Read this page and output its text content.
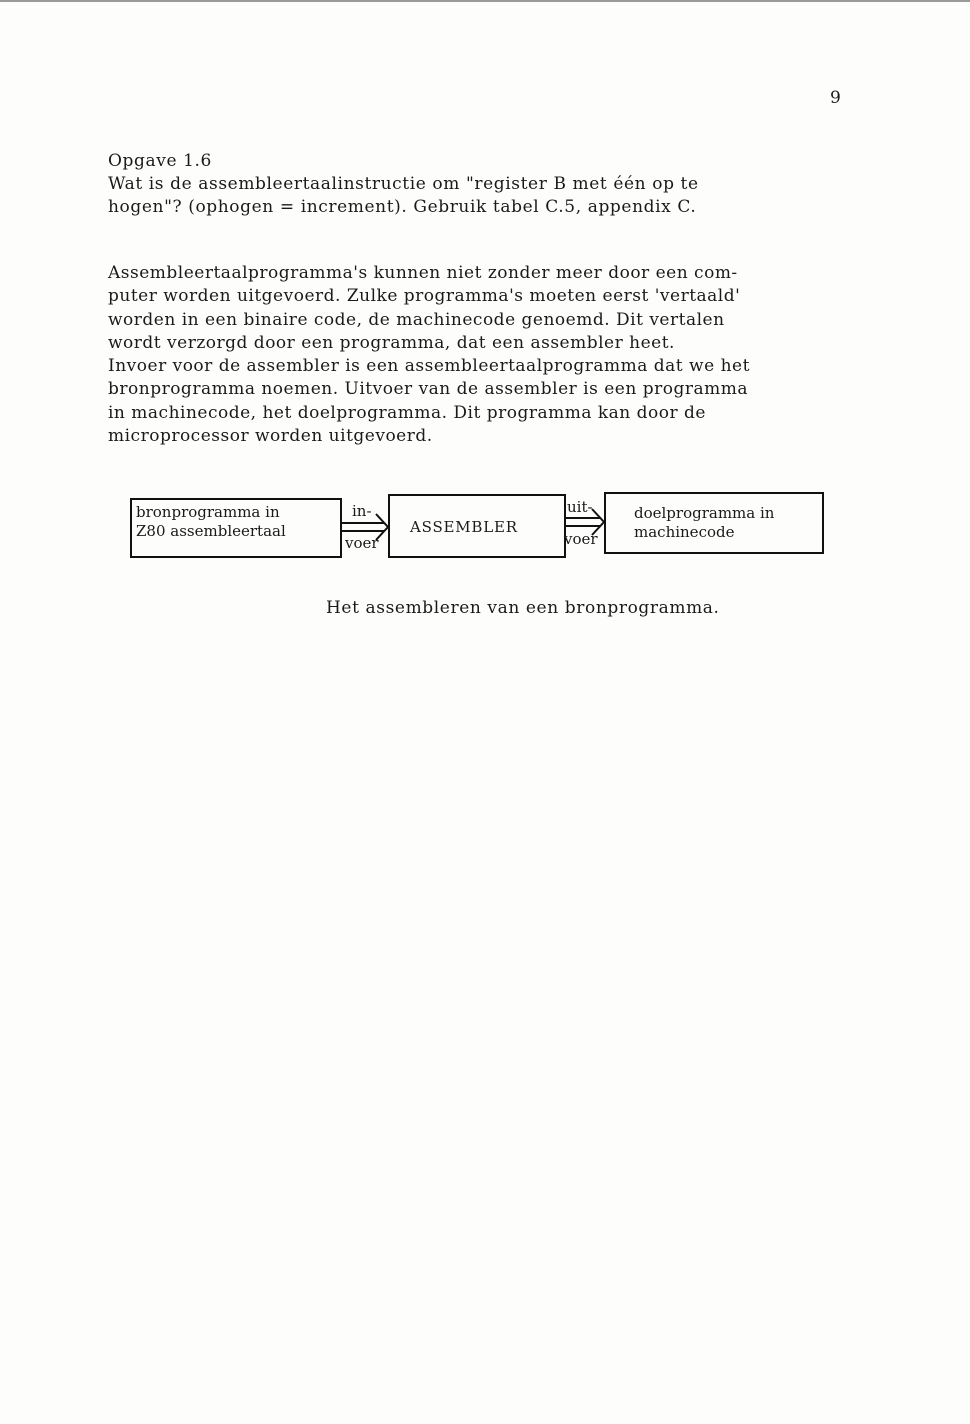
9

Opgave 1.6

Wat is de assembleertaalinstructie om "register B met één op te

hogen"? (ophogen = increment). Gebruik tabel C.5, appendix C.

Assembleertaalprogramma's kunnen niet zonder meer door een com-

puter worden uitgevoerd. Zulke programma's moeten eerst 'vertaald'

worden in een binaire code, de machinecode genoemd. Dit vertalen

wordt verzorgd door een programma, dat een assembler heet.

Invoer voor de assembler is een assembleertaalprogramma dat we het

bronprogramma noemen. Uitvoer van de assembler is een programma

in machinecode, het doelprogramma. Dit programma kan door de

microprocessor worden uitgevoerd.

bronprogramma in
Z80 assembleertaal	ASSEMBLER
doelprogramma in
machinecode
in-
voer
uit-
voer
Het assembleren van een bronprogramma.
